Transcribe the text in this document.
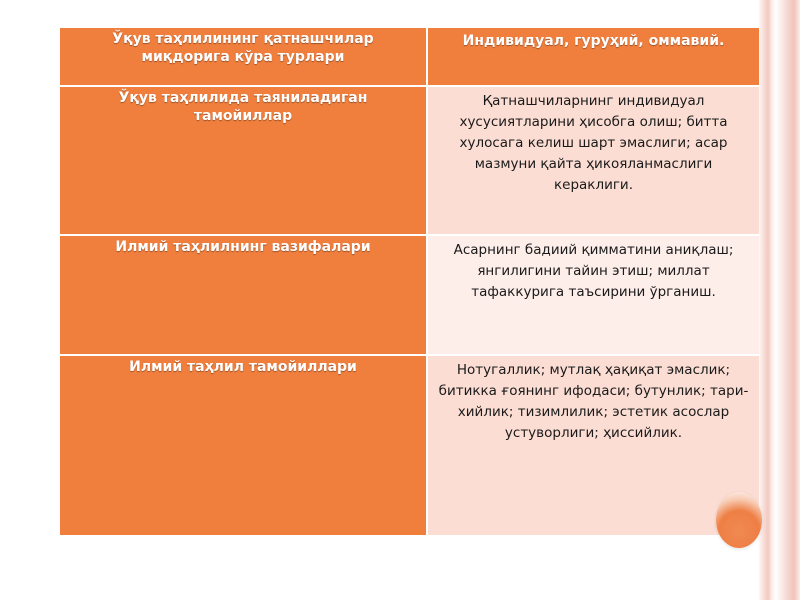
Ўқув таҳлилининг қатнашчилар миқдорига кўра турлари	Индивидуал, гуруҳий, оммавий.

Ўқув таҳлилида таяниладиган тамойиллар	Қатнашчиларнинг индивидуал хусусиятларини ҳисобга олиш; битта хулосага келиш шарт эмаслиги; асар мазмуни қайта ҳикояланмаслиги кераклиги.

Илмий таҳлилнинг вазифалари	Асарнинг бадиий қимматини аниқлаш; янгилигини тайин этиш; миллат тафаккурига таъсирини ўрганиш.

Илмий таҳлил тамойиллари	Нотугаллик; мутлақ ҳақиқат эмаслик; битикка ғоянинг ифодаси; бутунлик; тари-хийлик; тизимлилик; эстетик асослар устуворлиги; ҳиссийлик.
